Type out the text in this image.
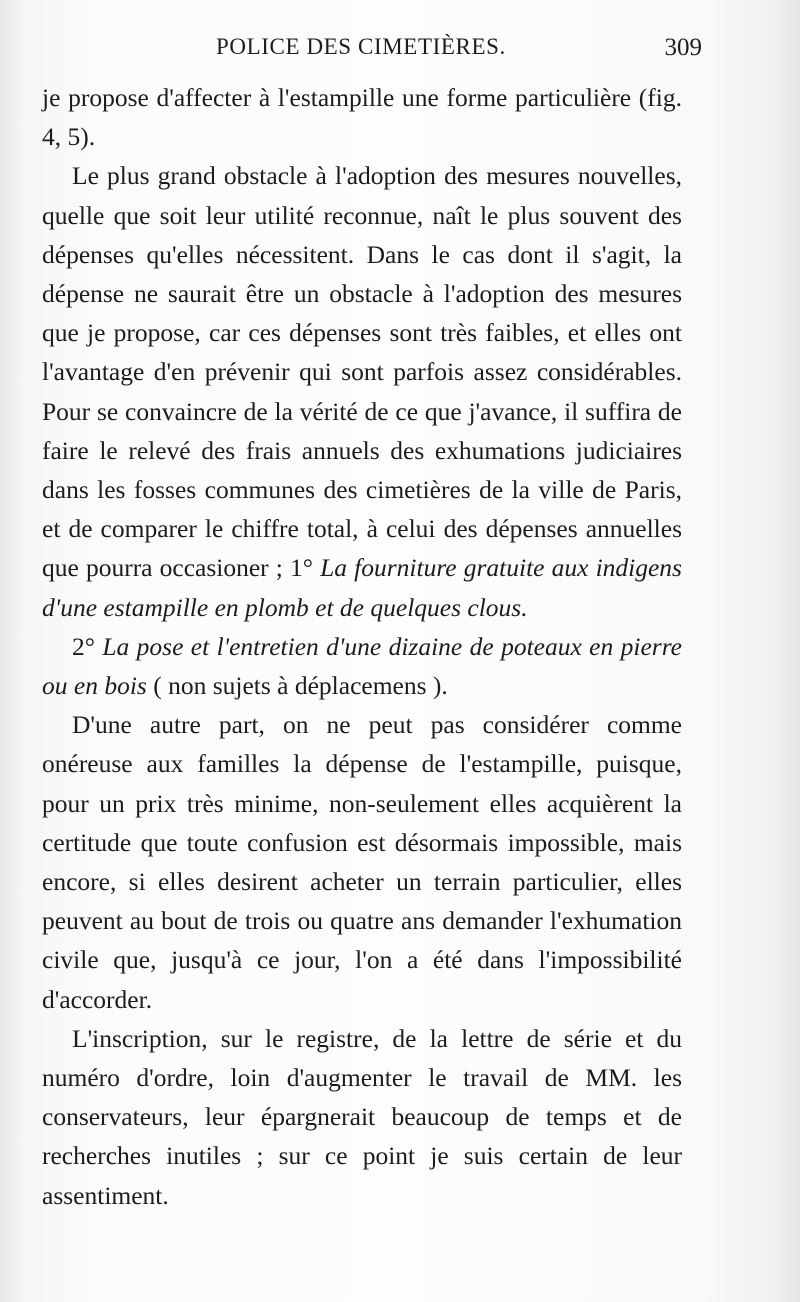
POLICE DES CIMETIÈRES.	309

je propose d'affecter à l'estampille une forme particulière (fig. 4, 5).

Le plus grand obstacle à l'adoption des mesures nouvelles, quelle que soit leur utilité reconnue, naît le plus souvent des dépenses qu'elles nécessitent. Dans le cas dont il s'agit, la dépense ne saurait être un obstacle à l'adoption des mesures que je propose, car ces dépenses sont très faibles, et elles ont l'avantage d'en prévenir qui sont parfois assez considérables. Pour se convaincre de la vérité de ce que j'avance, il suffira de faire le relevé des frais annuels des exhumations judiciaires dans les fosses communes des cimetières de la ville de Paris, et de comparer le chiffre total, à celui des dépenses annuelles que pourra occasioner ; 1° La fourniture gratuite aux indigens d'une estampille en plomb et de quelques clous.

2° La pose et l'entretien d'une dizaine de poteaux en pierre ou en bois ( non sujets à déplacemens ).

D'une autre part, on ne peut pas considérer comme onéreuse aux familles la dépense de l'estampille, puisque, pour un prix très minime, non-seulement elles acquièrent la certitude que toute confusion est désormais impossible, mais encore, si elles desirent acheter un terrain particulier, elles peuvent au bout de trois ou quatre ans demander l'exhumation civile que, jusqu'à ce jour, l'on a été dans l'impossibilité d'accorder.

L'inscription, sur le registre, de la lettre de série et du numéro d'ordre, loin d'augmenter le travail de MM. les conservateurs, leur épargnerait beaucoup de temps et de recherches inutiles ; sur ce point je suis certain de leur assentiment.
